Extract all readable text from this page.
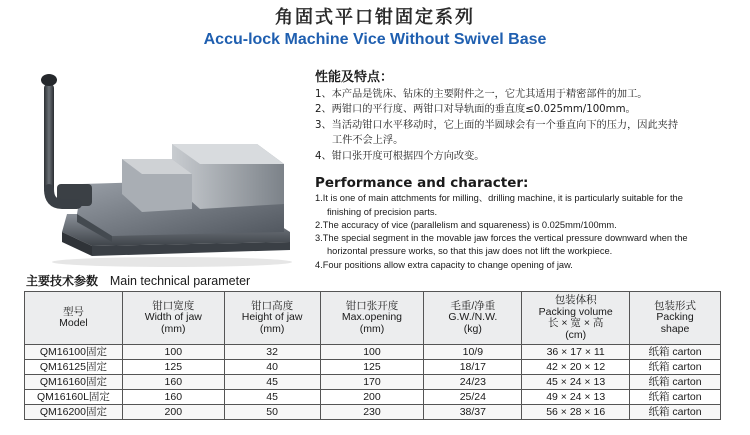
角固式平口钳固定系列
Accu-lock Machine Vice Without Swivel Base
性能及特点：
1、本产品是铣床、钻床的主要附件之一，它尤其适用于精密部件的加工。
2、两钳口的平行度、两钳口对导轨面的垂直度≤0.025mm/100mm。
3、当活动钳口水平移动时，它上面的半圆球会有一个垂直向下的压力，因此夹持
工件不会上浮。
4、钳口张开度可根据四个方向改变。
Performance and character:
1.It is one of main attchments for milling、drilling machine, it is particularly suitable for the
finishing of precision parts.
2.The accuracy of vice (parallelism and squareness) is 0.025mm/100mm.
3.The special segment in the movable jaw forces the vertical pressure downward when the
horizontal pressure works, so that this jaw does not lift the workpiece.
4.Four positions allow extra capacity to change opening of jaw.
主要技术参数 Main technical parameter
型号
Model	钳口宽度
Width of jaw
(mm)	钳口高度
Height of jaw
(mm)	钳口张开度
Max.opening
(mm)	毛重/净重
G.W./N.W.
(kg)	包装体积
Packing volume
长 × 宽 × 高
(cm)	包装形式
Packing
shape

QM16100固定	100	32	100	10/9	36 × 17 × 11	纸箱 carton
QM16125固定	125	40	125	18/17	42 × 20 × 12	纸箱 carton
QM16160固定	160	45	170	24/23	45 × 24 × 13	纸箱 carton
QM16160L固定	160	45	200	25/24	49 × 24 × 13	纸箱 carton
QM16200固定	200	50	230	38/37	56 × 28 × 16	纸箱 carton
